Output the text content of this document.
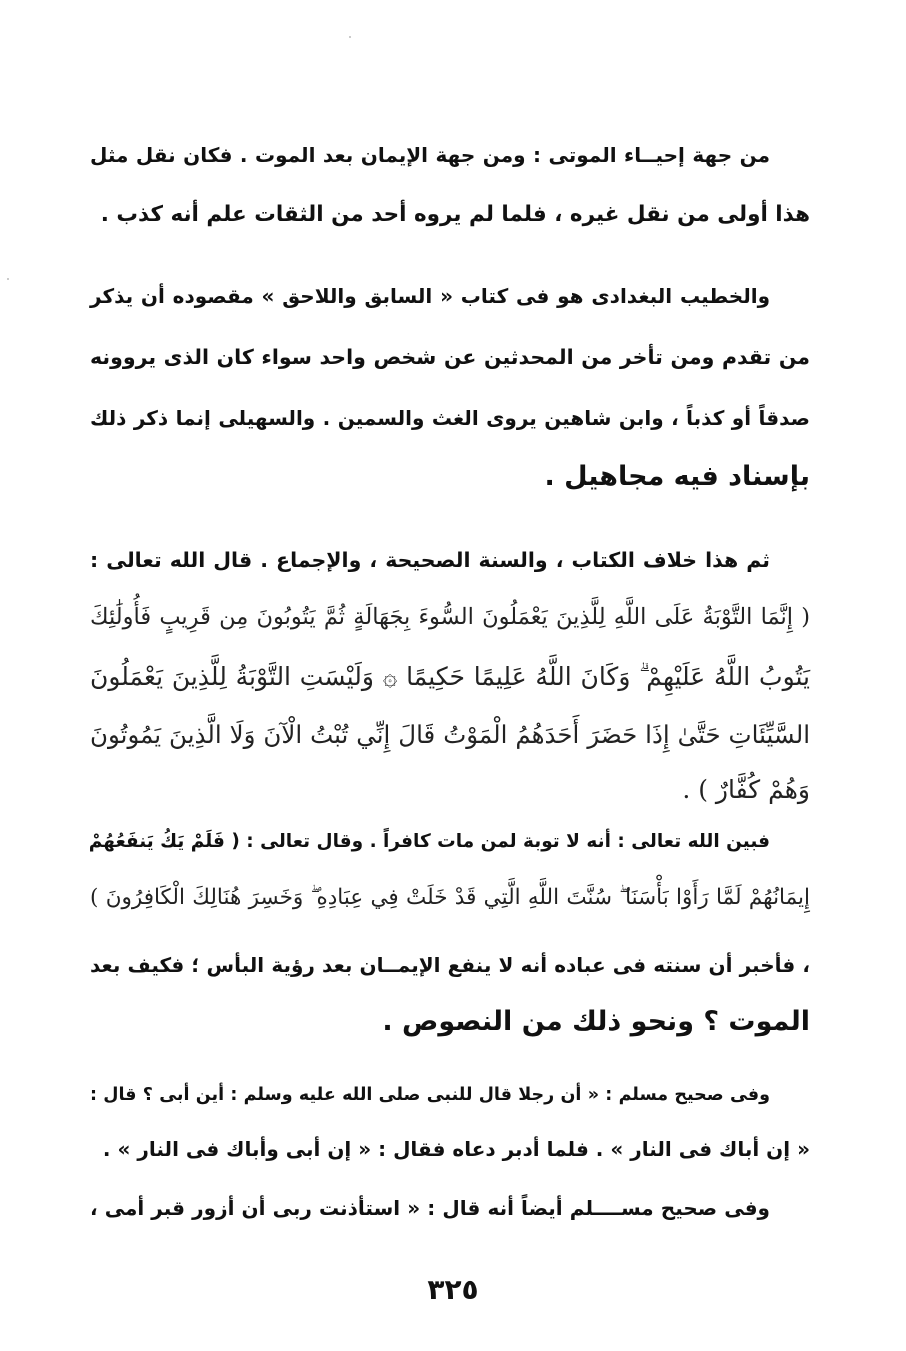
من جهة إحيــاء الموتى : ومن جهة الإيمان بعد الموت . فكان نقل مثل
هذا أولى من نقل غيره ، فلما لم يروه أحد من الثقات علم أنه كذب .
والخطيب البغدادى هو فى كتاب « السابق واللاحق » مقصوده أن يذكر
من تقدم ومن تأخر من المحدثين عن شخص واحد سواء كان الذى يروونه
صدقاً أو كذباً ، وابن شاهين يروى الغث والسمين . والسهيلى إنما ذكر ذلك
بإسناد فيه مجاهيل .
ثم هذا خلاف الكتاب ، والسنة الصحيحة ، والإجماع . قال الله تعالى :
( إِنَّمَا التَّوْبَةُ عَلَى اللَّهِ لِلَّذِينَ يَعْمَلُونَ السُّوءَ بِجَهَالَةٍ ثُمَّ يَتُوبُونَ مِن قَرِيبٍ فَأُولَٰئِكَ
يَتُوبُ اللَّهُ عَلَيْهِمْ ۗ وَكَانَ اللَّهُ عَلِيمًا حَكِيمًا ۞ وَلَيْسَتِ التَّوْبَةُ لِلَّذِينَ يَعْمَلُونَ
السَّيِّئَاتِ حَتَّىٰ إِذَا حَضَرَ أَحَدَهُمُ الْمَوْتُ قَالَ إِنِّي تُبْتُ الْآنَ وَلَا الَّذِينَ يَمُوتُونَ
وَهُمْ كُفَّارٌ ) .
فبين الله تعالى : أنه لا توبة لمن مات كافراً . وقال تعالى : ( فَلَمْ يَكُ يَنفَعُهُمْ
إِيمَانُهُمْ لَمَّا رَأَوْا بَأْسَنَا ۖ سُنَّتَ اللَّهِ الَّتِي قَدْ خَلَتْ فِي عِبَادِهِ ۖ وَخَسِرَ هُنَالِكَ الْكَافِرُونَ )
، فأخبر أن سنته فى عباده أنه لا ينفع الإيمــان بعد رؤية البأس ؛ فكيف بعد
الموت ؟ ونحو ذلك من النصوص .
وفى صحيح مسلم : « أن رجلا قال للنبى صلى الله عليه وسلم : أين أبى ؟ قال :
« إن أباك فى النار » . فلما أدبر دعاه فقال : « إن أبى وأباك فى النار » .
وفى صحيح مســــلم أيضاً أنه قال : « استأذنت ربى أن أزور قبر أمى ،
٣٢٥
